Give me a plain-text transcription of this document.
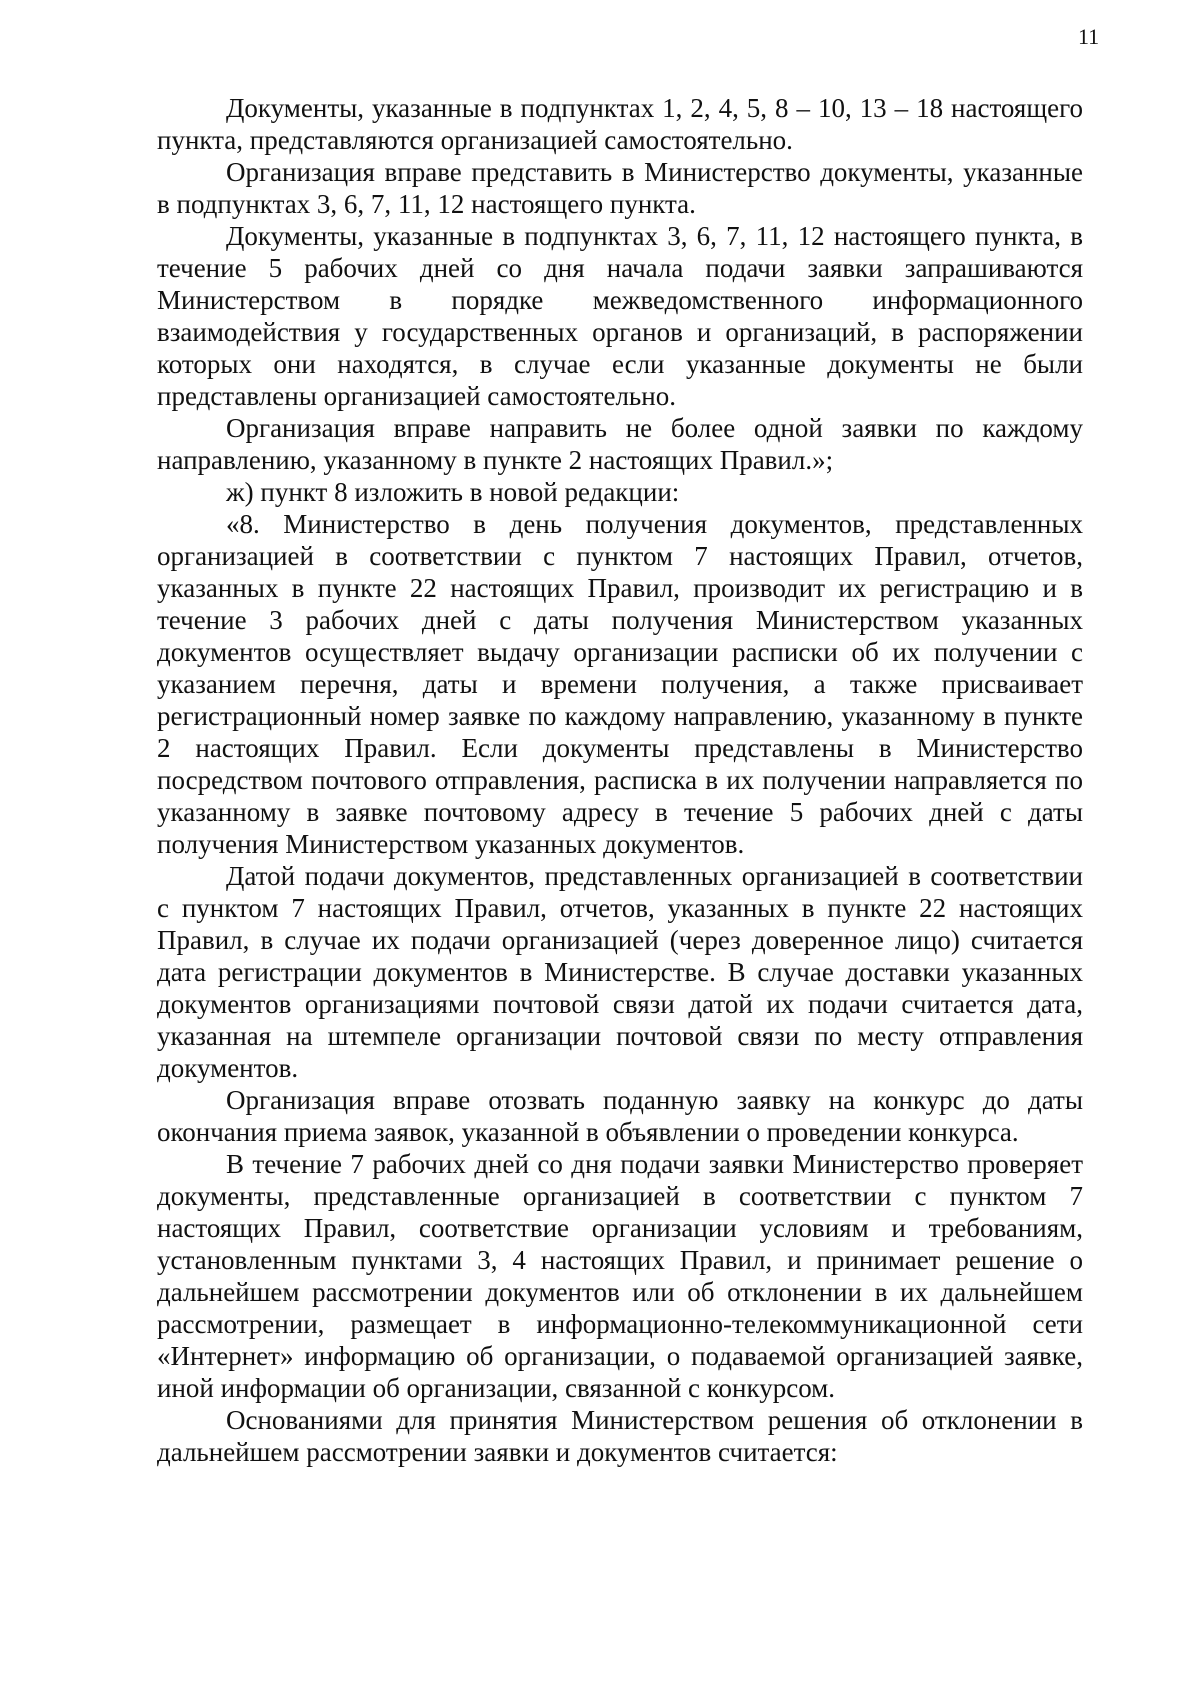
11

Документы, указанные в подпунктах 1, 2, 4, 5, 8 – 10, 13 – 18 настоящего пункта, представляются организацией самостоятельно.

Организация вправе представить в Министерство документы, указанные в подпунктах 3, 6, 7, 11, 12 настоящего пункта.

Документы, указанные в подпунктах 3, 6, 7, 11, 12 настоящего пункта, в течение 5 рабочих дней со дня начала подачи заявки запрашиваются Министерством в порядке межведомственного информационного взаимодействия у государственных органов и организаций, в распоряжении которых они находятся, в случае если указанные документы не были представлены организацией самостоятельно.

Организация вправе направить не более одной заявки по каждому направлению, указанному в пункте 2 настоящих Правил.»;

ж) пункт 8 изложить в новой редакции:

«8. Министерство в день получения документов, представленных организацией в соответствии с пунктом 7 настоящих Правил, отчетов, указанных в пункте 22 настоящих Правил, производит их регистрацию и в течение 3 рабочих дней с даты получения Министерством указанных документов осуществляет выдачу организации расписки об их получении с указанием перечня, даты и времени получения, а также присваивает регистрационный номер заявке по каждому направлению, указанному в пункте 2 настоящих Правил. Если документы представлены в Министерство посредством почтового отправления, расписка в их получении направляется по указанному в заявке почтовому адресу в течение 5 рабочих дней с даты получения Министерством указанных документов.

Датой подачи документов, представленных организацией в соответствии с пунктом 7 настоящих Правил, отчетов, указанных в пункте 22 настоящих Правил, в случае их подачи организацией (через доверенное лицо) считается дата регистрации документов в Министерстве. В случае доставки указанных документов организациями почтовой связи датой их подачи считается дата, указанная на штемпеле организации почтовой связи по месту отправления документов.

Организация вправе отозвать поданную заявку на конкурс до даты окончания приема заявок, указанной в объявлении о проведении конкурса.

В течение 7 рабочих дней со дня подачи заявки Министерство проверяет документы, представленные организацией в соответствии с пунктом 7 настоящих Правил, соответствие организации условиям и требованиям, установленным пунктами 3, 4 настоящих Правил, и принимает решение о дальнейшем рассмотрении документов или об отклонении в их дальнейшем рассмотрении, размещает в информационно-телекоммуникационной сети «Интернет» информацию об организации, о подаваемой организацией заявке, иной информации об организации, связанной с конкурсом.

Основаниями для принятия Министерством решения об отклонении в дальнейшем рассмотрении заявки и документов считается:
